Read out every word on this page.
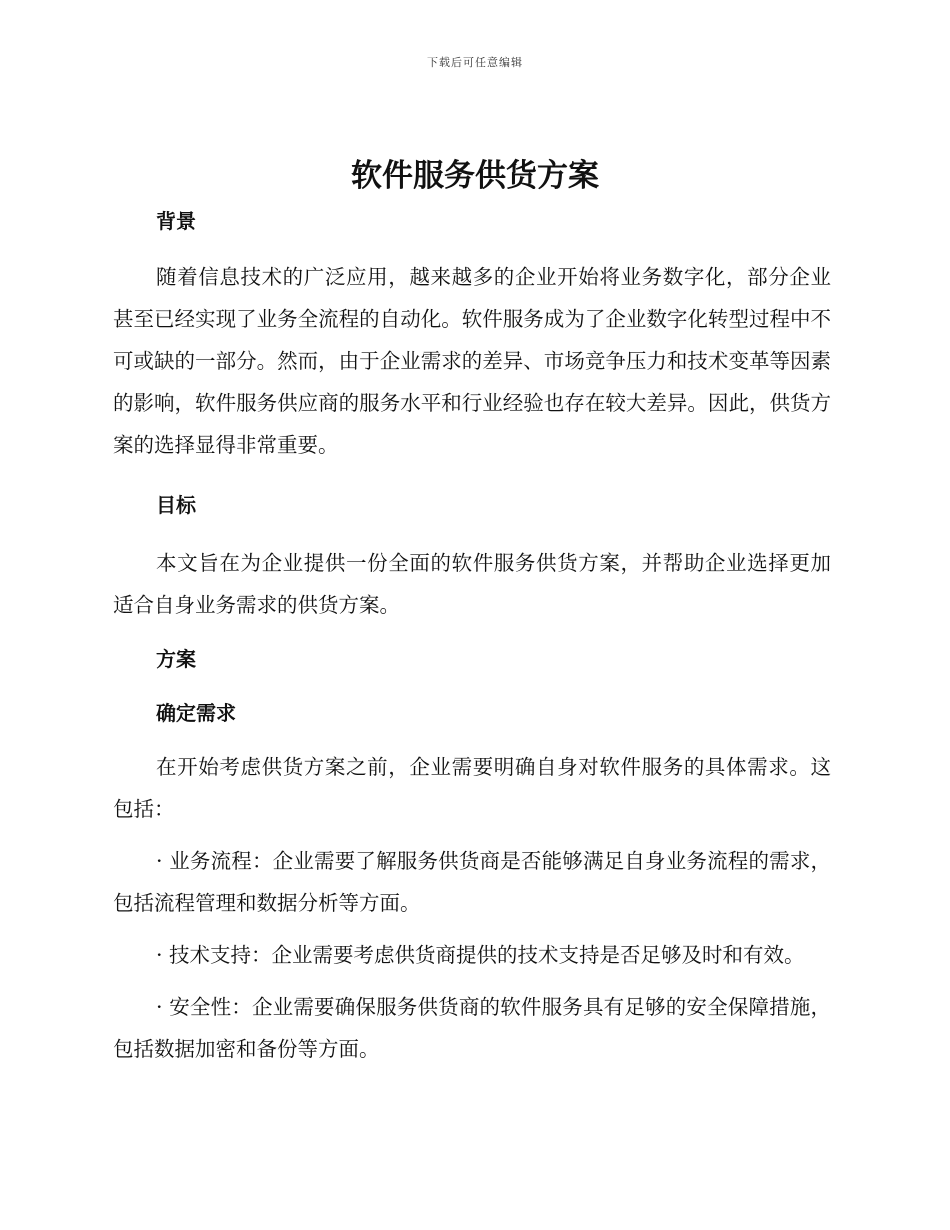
下载后可任意编辑
软件服务供货方案
背景

随着信息技术的广泛应用，越来越多的企业开始将业务数字化，部分企业甚至已经实现了业务全流程的自动化。软件服务成为了企业数字化转型过程中不可或缺的一部分。然而，由于企业需求的差异、市场竞争压力和技术变革等因素的影响，软件服务供应商的服务水平和行业经验也存在较大差异。因此，供货方案的选择显得非常重要。

目标

本文旨在为企业提供一份全面的软件服务供货方案，并帮助企业选择更加适合自身业务需求的供货方案。

方案
确定需求

在开始考虑供货方案之前，企业需要明确自身对软件服务的具体需求。这包括：

· 业务流程：企业需要了解服务供货商是否能够满足自身业务流程的需求，包括流程管理和数据分析等方面。

· 技术支持：企业需要考虑供货商提供的技术支持是否足够及时和有效。

· 安全性：企业需要确保服务供货商的软件服务具有足够的安全保障措施，包括数据加密和备份等方面。
